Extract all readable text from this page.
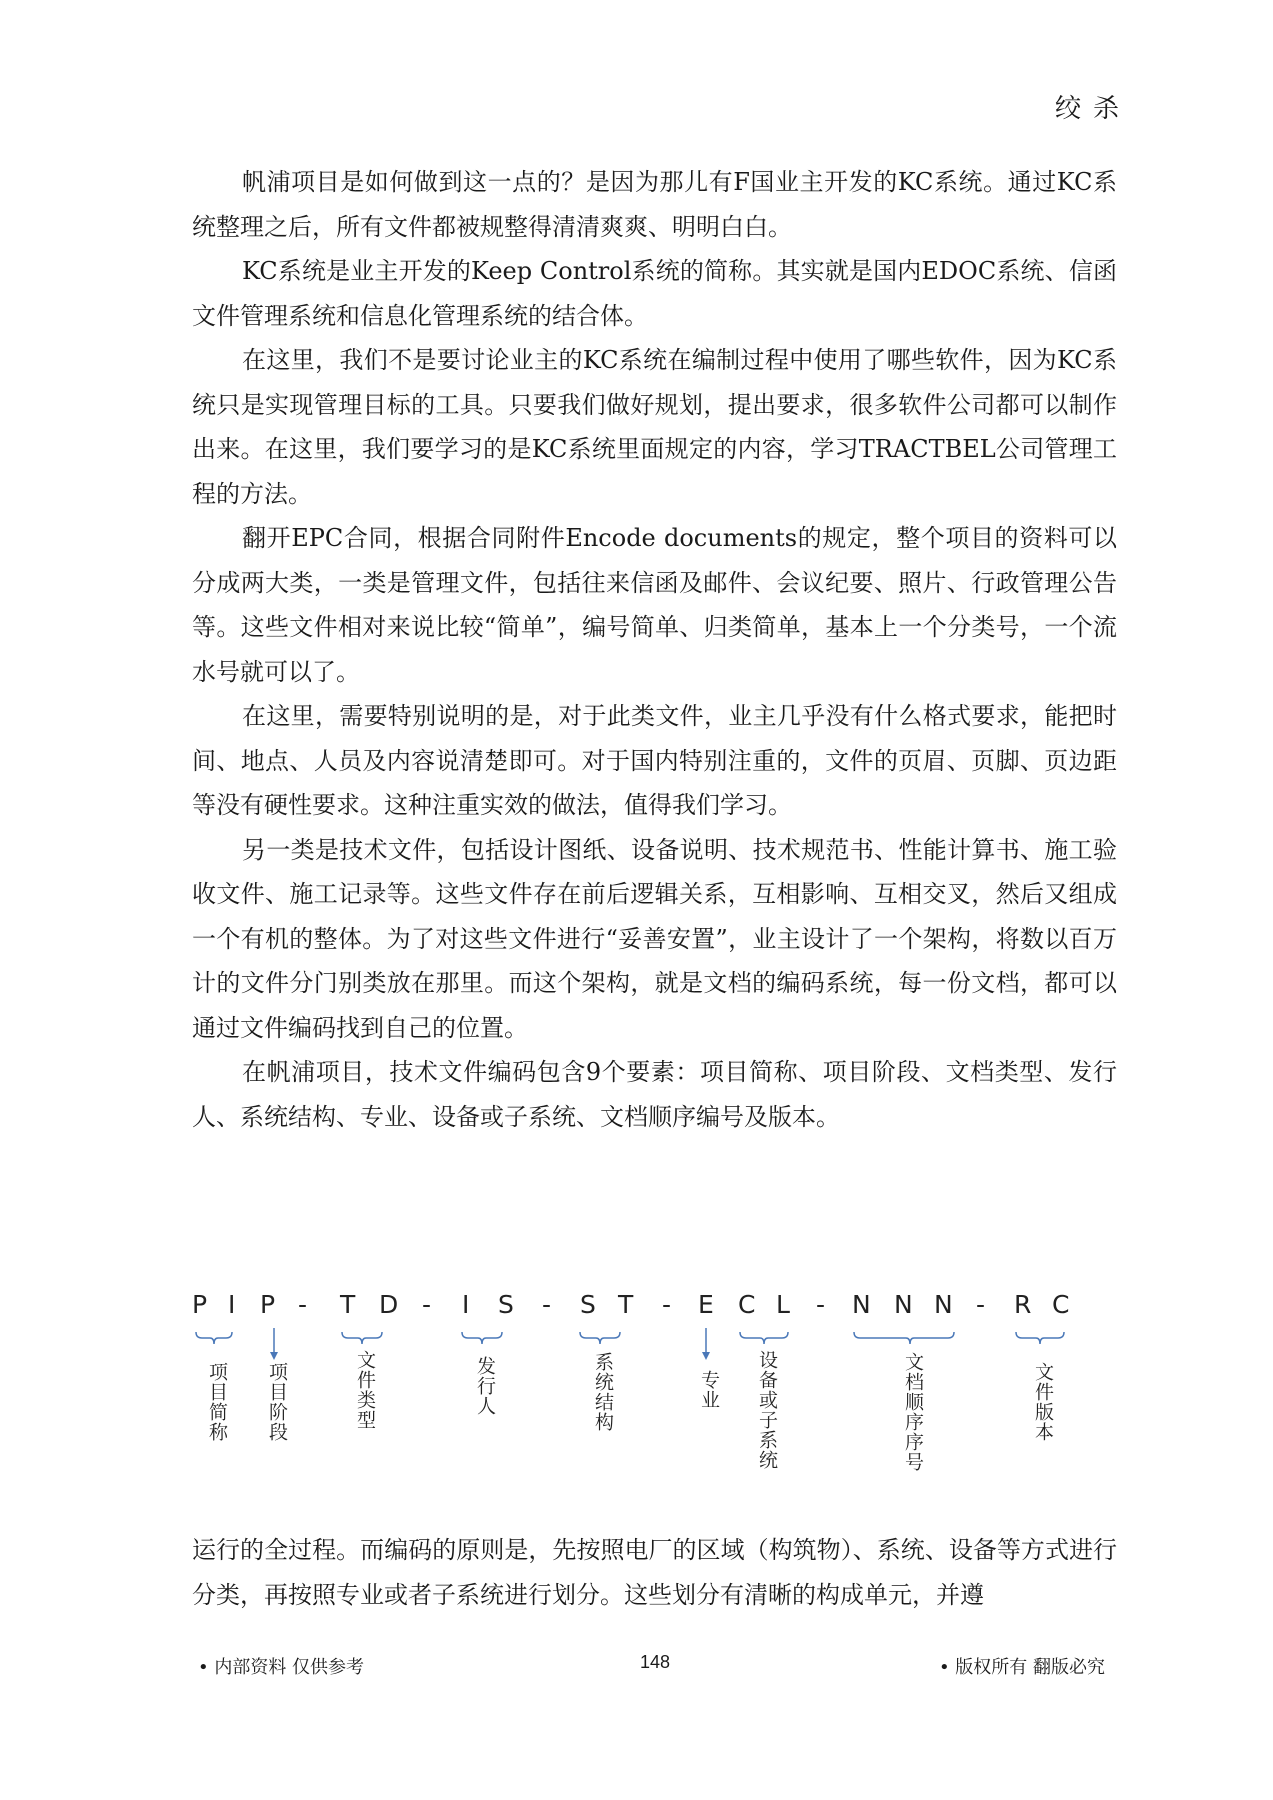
绞杀

帆浦项目是如何做到这一点的？是因为那儿有F国业主开发的KC系统。通过KC系统整理之后，所有文件都被规整得清清爽爽、明明白白。

KC系统是业主开发的Keep Control系统的简称。其实就是国内EDOC系统、信函文件管理系统和信息化管理系统的结合体。

在这里，我们不是要讨论业主的KC系统在编制过程中使用了哪些软件，因为KC系统只是实现管理目标的工具。只要我们做好规划，提出要求，很多软件公司都可以制作出来。在这里，我们要学习的是KC系统里面规定的内容，学习TRACTBEL公司管理工程的方法。

翻开EPC合同，根据合同附件Encode documents的规定，整个项目的资料可以分成两大类，一类是管理文件，包括往来信函及邮件、会议纪要、照片、行政管理公告等。这些文件相对来说比较“简单”，编号简单、归类简单，基本上一个分类号，一个流水号就可以了。

在这里，需要特别说明的是，对于此类文件，业主几乎没有什么格式要求，能把时间、地点、人员及内容说清楚即可。对于国内特别注重的，文件的页眉、页脚、页边距等没有硬性要求。这种注重实效的做法，值得我们学习。

另一类是技术文件，包括设计图纸、设备说明、技术规范书、性能计算书、施工验收文件、施工记录等。这些文件存在前后逻辑关系，互相影响、互相交叉，然后又组成一个有机的整体。为了对这些文件进行“妥善安置”，业主设计了一个架构，将数以百万计的文件分门别类放在那里。而这个架构，就是文档的编码系统，每一份文档，都可以通过文件编码找到自己的位置。

在帆浦项目，技术文件编码包含9个要素：项目简称、项目阶段、文档类型、发行人、系统结构、专业、设备或子系统、文档顺序编号及版本。

P I P - T D - I S - S T - E C L - N N N - R C
项目简称 项目阶段	文件类型	发行人	系统结构	专业 设备或子系统	文档顺序序号	文件版本

运行的全过程。而编码的原则是，先按照电厂的区域（构筑物）、系统、设备等方式进行分类，再按照专业或者子系统进行划分。这些划分有清晰的构成单元，并遵

• 内部资料 仅供参考	148	• 版权所有 翻版必究
